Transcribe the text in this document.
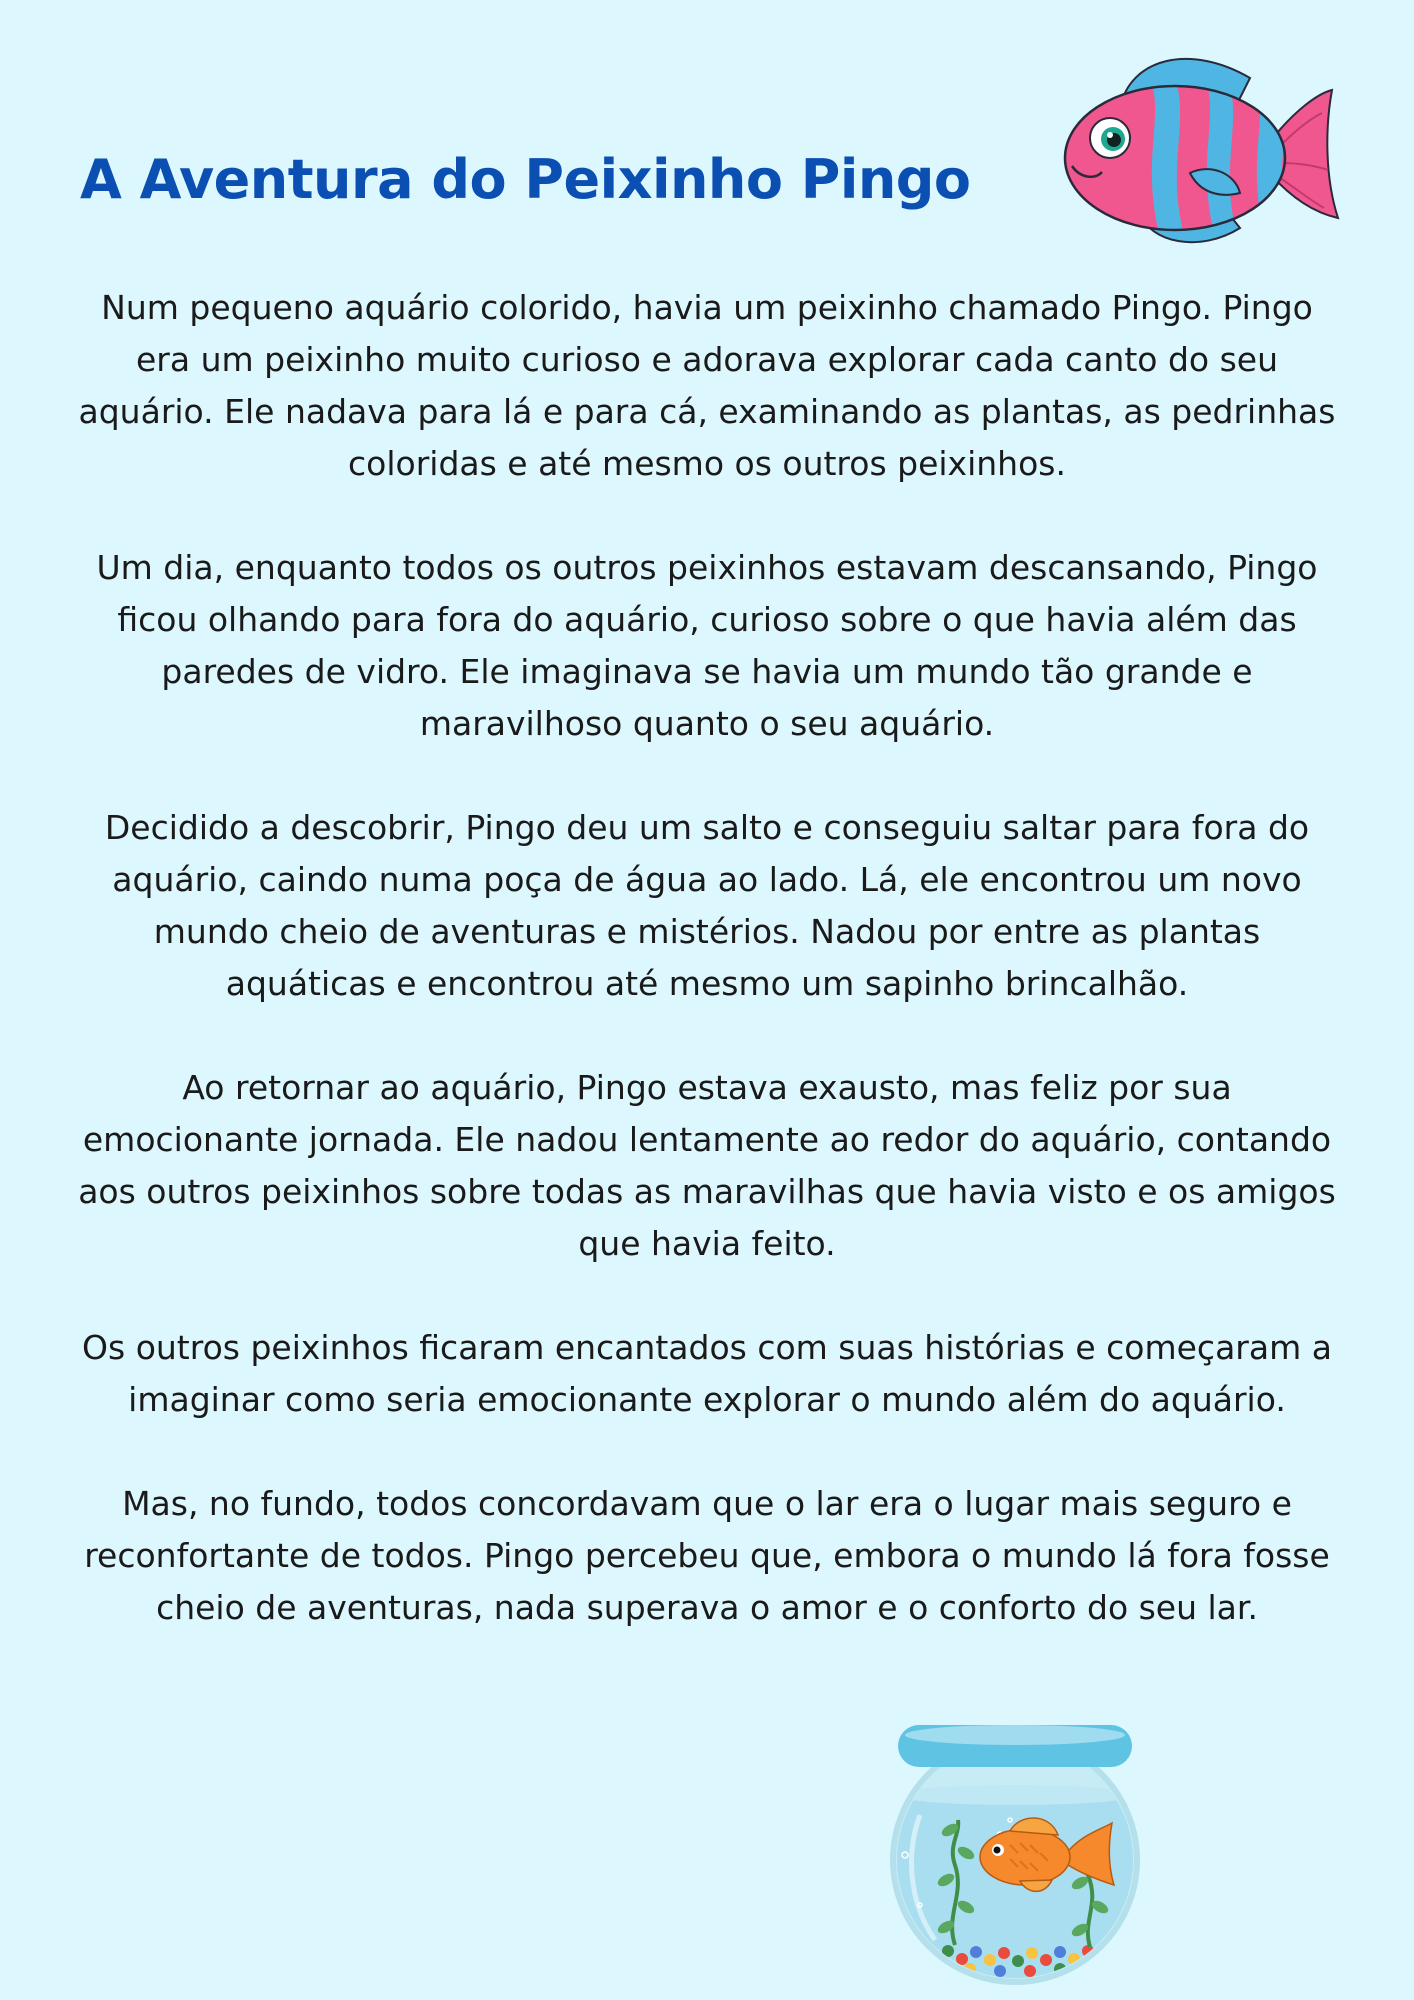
A Aventura do Peixinho Pingo

Num pequeno aquário colorido, havia um peixinho chamado Pingo. Pingo era um peixinho muito curioso e adorava explorar cada canto do seu aquário. Ele nadava para lá e para cá, examinando as plantas, as pedrinhas coloridas e até mesmo os outros peixinhos.

Um dia, enquanto todos os outros peixinhos estavam descansando, Pingo ficou olhando para fora do aquário, curioso sobre o que havia além das paredes de vidro. Ele imaginava se havia um mundo tão grande e maravilhoso quanto o seu aquário.

Decidido a descobrir, Pingo deu um salto e conseguiu saltar para fora do aquário, caindo numa poça de água ao lado. Lá, ele encontrou um novo mundo cheio de aventuras e mistérios. Nadou por entre as plantas aquáticas e encontrou até mesmo um sapinho brincalhão.

Ao retornar ao aquário, Pingo estava exausto, mas feliz por sua emocionante jornada. Ele nadou lentamente ao redor do aquário, contando aos outros peixinhos sobre todas as maravilhas que havia visto e os amigos que havia feito.

Os outros peixinhos ficaram encantados com suas histórias e começaram a imaginar como seria emocionante explorar o mundo além do aquário.

Mas, no fundo, todos concordavam que o lar era o lugar mais seguro e reconfortante de todos. Pingo percebeu que, embora o mundo lá fora fosse cheio de aventuras, nada superava o amor e o conforto do seu lar.
